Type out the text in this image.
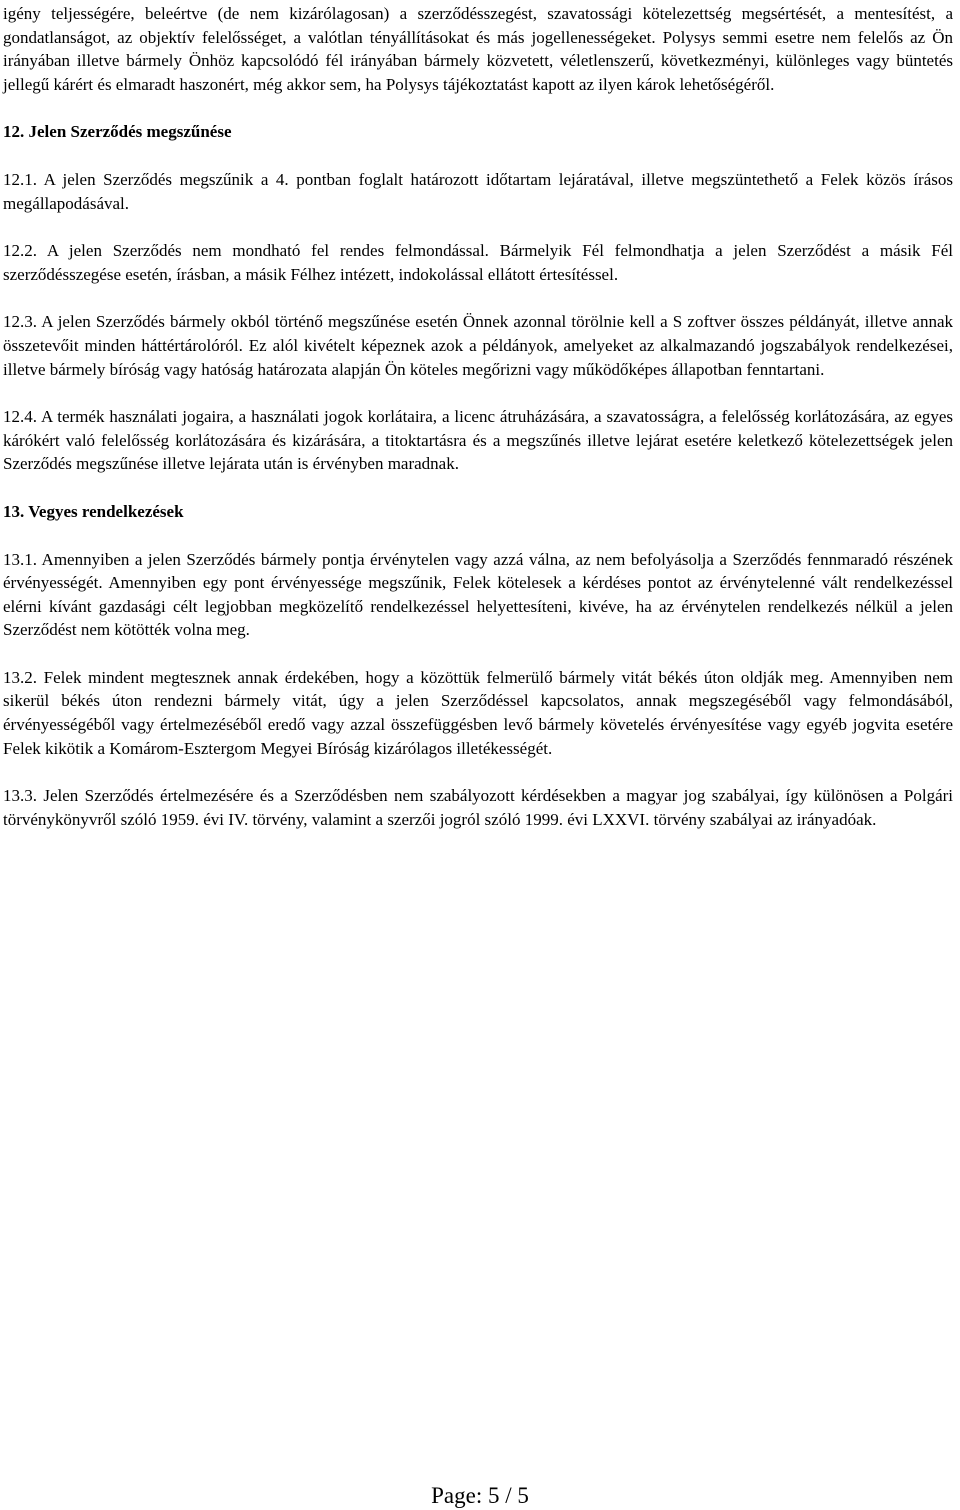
igény teljességére, beleértve (de nem kizárólagosan) a szerződésszegést, szavatossági kötelezettség megsértését, a mentesítést, a gondatlanságot, az objektív felelősséget, a valótlan tényállításokat és más jogellenességeket. Polysys semmi esetre nem felelős az Ön irányában illetve bármely Önhöz kapcsolódó fél irányában bármely közvetett, véletlenszerű, következményi, különleges vagy büntetés jellegű kárért és elmaradt haszonért, még akkor sem, ha Polysys tájékoztatást kapott az ilyen károk lehetőségéről.

12. Jelen Szerződés megszűnése

12.1. A jelen Szerződés megszűnik a 4. pontban foglalt határozott időtartam lejáratával, illetve megszüntethető a Felek közös írásos megállapodásával.

12.2. A jelen Szerződés nem mondható fel rendes felmondással. Bármelyik Fél felmondhatja a jelen Szerződést a másik Fél szerződésszegése esetén, írásban, a másik Félhez intézett, indokolással ellátott értesítéssel.

12.3. A jelen Szerződés bármely okból történő megszűnése esetén Önnek azonnal törölnie kell a S zoftver összes példányát, illetve annak összetevőit minden háttértárolóról. Ez alól kivételt képeznek azok a példányok, amelyeket az alkalmazandó jogszabályok rendelkezései, illetve bármely bíróság vagy hatóság határozata alapján Ön köteles megőrizni vagy működőképes állapotban fenntartani.

12.4. A termék használati jogaira, a használati jogok korlátaira, a licenc átruházására, a szavatosságra, a felelősség korlátozására, az egyes kárókért való felelősség korlátozására és kizárására, a titoktartásra és a megszűnés illetve lejárat esetére keletkező kötelezettségek jelen Szerződés megszűnése illetve lejárata után is érvényben maradnak.

13. Vegyes rendelkezések

13.1. Amennyiben a jelen Szerződés bármely pontja érvénytelen vagy azzá válna, az nem befolyásolja a Szerződés fennmaradó részének érvényességét. Amennyiben egy pont érvényessége megszűnik, Felek kötelesek a kérdéses pontot az érvénytelenné vált rendelkezéssel elérni kívánt gazdasági célt legjobban megközelítő rendelkezéssel helyettesíteni, kivéve, ha az érvénytelen rendelkezés nélkül a jelen Szerződést nem kötötték volna meg.

13.2. Felek mindent megtesznek annak érdekében, hogy a közöttük felmerülő bármely vitát békés úton oldják meg. Amennyiben nem sikerül békés úton rendezni bármely vitát, úgy a jelen Szerződéssel kapcsolatos, annak megszegéséből vagy felmondásából, érvényességéből vagy értelmezéséből eredő vagy azzal összefüggésben levő bármely követelés érvényesítése vagy egyéb jogvita esetére Felek kikötik a Komárom-Esztergom Megyei Bíróság kizárólagos illetékességét.

13.3. Jelen Szerződés értelmezésére és a Szerződésben nem szabályozott kérdésekben a magyar jog szabályai, így különösen a Polgári törvénykönyvről szóló 1959. évi IV. törvény, valamint a szerzői jogról szóló 1999. évi LXXVI. törvény szabályai az irányadóak.

Page: 5 / 5
